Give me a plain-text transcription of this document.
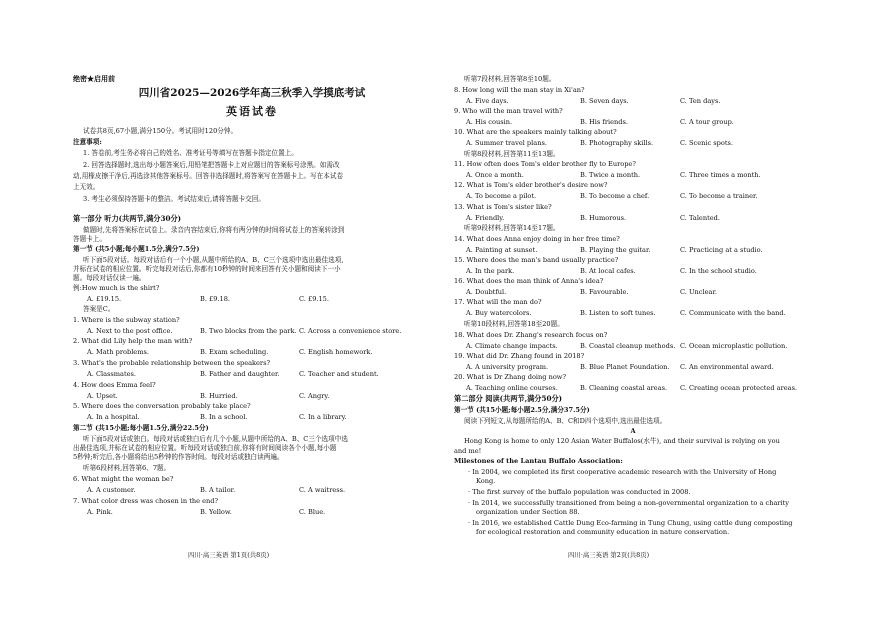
绝密★启用前
四川省2025—2026学年高三秋季入学摸底考试
英语试卷
试卷共8页,67小题,满分150分。考试用时120分钟。
注意事项:
1. 答卷前,考生务必将自己的姓名、准考证号等填写在答题卡指定位置上。
2. 回答选择题时,选出每小题答案后,用铅笔把答题卡上对应题目的答案标号涂黑。如需改
动,用橡皮擦干净后,再选涂其他答案标号。回答非选择题时,将答案写在答题卡上。写在本试卷
上无效。
3. 考生必须保持答题卡的整洁。考试结束后,请将答题卡交回。
第一部分 听力(共两节,满分30分)
做题时,先将答案标在试卷上。录音内容结束后,你将有两分钟的时间将试卷上的答案转涂到
答题卡上。
第一节 (共5小题;每小题1.5分,满分7.5分)
听下面5段对话。每段对话后有一个小题,从题中所给的A、B、C三个选项中选出最佳选项,
并标在试卷的相应位置。听完每段对话后,你都有10秒钟的时间来回答有关小题和阅读下一小
题。每段对话仅读一遍。
例:How much is the shirt?
A. £19.15.	B. £9.18.	C. £9.15.
答案是C。
1. Where is the subway station?
A. Next to the post office.	B. Two blocks from the park. C. Across a convenience store.
2. What did Lily help the man with?
A. Math problems.	B. Exam scheduling.	C. English homework.
3. What's the probable relationship between the speakers?
A. Classmates.	B. Father and daughter.	C. Teacher and student.
4. How does Emma feel?
A. Upset.	B. Hurried.	C. Angry.
5. Where does the conversation probably take place?
A. In a hospital.	B. In a school.	C. In a library.
第二节 (共15小题;每小题1.5分,满分22.5分)
听下面5段对话或独白。每段对话或独白后有几个小题,从题中所给的A、B、C三个选项中选
出最佳选项,并标在试卷的相应位置。听每段对话或独白前,你将有时间阅读各个小题,每小题
5秒钟;听完后,各小题将给出5秒钟的作答时间。每段对话或独白读两遍。
听第6段材料,回答第6、7题。
6. What might the woman be?
A. A customer.	B. A tailor.	C. A waitress.
7. What color dress was chosen in the end?
A. Pink.	B. Yellow.	C. Blue.
听第7段材料,回答第8至10题。
8. How long will the man stay in Xi'an?
A. Five days.	B. Seven days.	C. Ten days.
9. Who will the man travel with?
A. His cousin.	B. His friends.	C. A tour group.
10. What are the speakers mainly talking about?
A. Summer travel plans.	B. Photography skills.	C. Scenic spots.
听第8段材料,回答第11至13题。
11. How often does Tom's elder brother fly to Europe?
A. Once a month.	B. Twice a month.	C. Three times a month.
12. What is Tom's elder brother's desire now?
A. To become a pilot.	B. To become a chef.	C. To become a trainer.
13. What is Tom's sister like?
A. Friendly.	B. Humorous.	C. Talented.
听第9段材料,回答第14至17题。
14. What does Anna enjoy doing in her free time?
A. Painting at sunset.	B. Playing the guitar.	C. Practicing at a studio.
15. Where does the man's band usually practice?
A. In the park.	B. At local cafes.	C. In the school studio.
16. What does the man think of Anna's idea?
A. Doubtful.	B. Favourable.	C. Unclear.
17. What will the man do?
A. Buy watercolors.	B. Listen to soft tunes.	C. Communicate with the band.
听第10段材料,回答第18至20题。
18. What does Dr. Zhang's research focus on?
A. Climate change impacts.	B. Coastal cleanup methods. C. Ocean microplastic pollution.
19. What did Dr. Zhang found in 2018?
A. A university program.	B. Blue Planet Foundation. C. An environmental award.
20. What is Dr Zhang doing now?
A. Teaching online courses.	B. Cleaning coastal areas. C. Creating ocean protected areas.
第二部分 阅读(共两节,满分50分)
第一节 (共15小题;每小题2.5分,满分37.5分)
阅读下列短文,从每题所给的A、B、C和D四个选项中,选出最佳选项。
A
Hong Kong is home to only 120 Asian Water Buffalos(水牛), and their survival is relying on you
and me!
Milestones of the Lantau Buffalo Association:
· In 2004, we completed its first cooperative academic research with the University of Hong
Kong.
· The first survey of the buffalo population was conducted in 2008.
· In 2014, we successfully transitioned from being a non-governmental organization to a charity
organization under Section 88.
· In 2016, we established Cattle Dung Eco-farming in Tung Chung, using cattle dung composting
for ecological restoration and community education in nature conservation.
四川·高三英语 第1页(共8页)	四川·高三英语 第2页(共8页)
